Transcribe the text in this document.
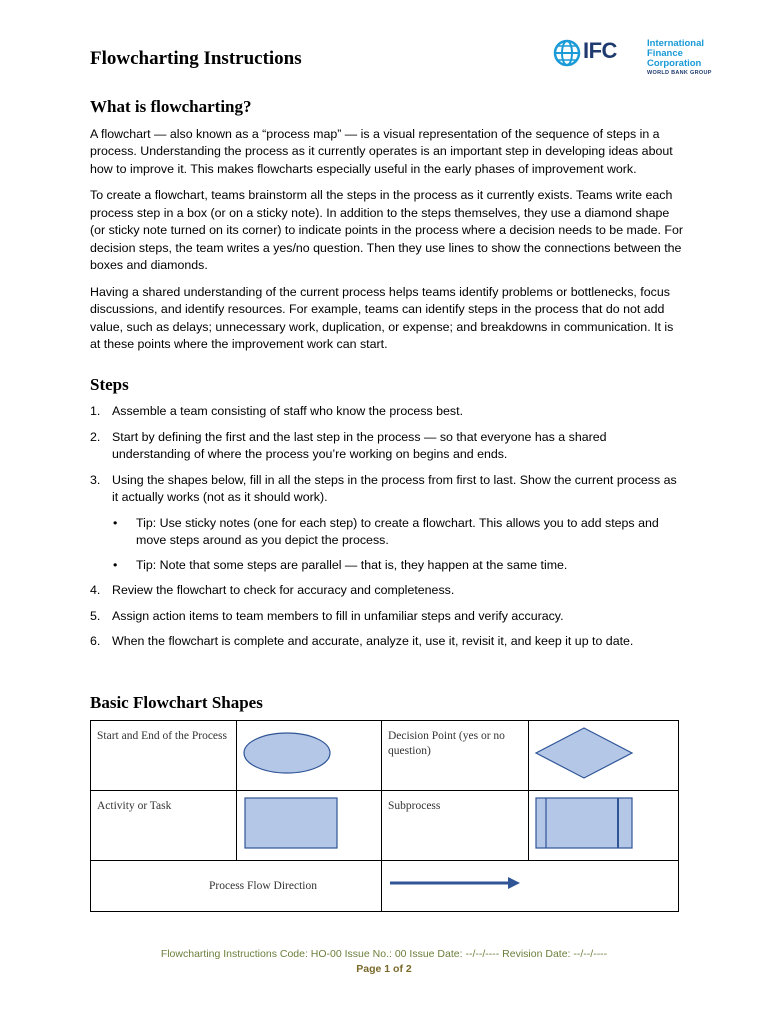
Flowcharting Instructions	IFC	International
Finance Corporation
WORLD BANK GROUP
What is flowcharting?

A flowchart — also known as a “process map” — is a visual representation of the sequence of steps in a process. Understanding the process as it currently operates is an important step in developing ideas about how to improve it. This makes flowcharts especially useful in the early phases of improvement work.

To create a flowchart, teams brainstorm all the steps in the process as it currently exists. Teams write each process step in a box (or on a sticky note). In addition to the steps themselves, they use a diamond shape (or sticky note turned on its corner) to indicate points in the process where a decision needs to be made. For decision steps, the team writes a yes/no question. Then they use lines to show the connections between the boxes and diamonds.

Having a shared understanding of the current process helps teams identify problems or bottlenecks, focus discussions, and identify resources. For example, teams can identify steps in the process that do not add value, such as delays; unnecessary work, duplication, or expense; and breakdowns in communication. It is at these points where the improvement work can start.

Steps
1. Assemble a team consisting of staff who know the process best.
2. Start by defining the first and the last step in the process — so that everyone has a shared understanding of where the process you’re working on begins and ends.
3. Using the shapes below, fill in all the steps in the process from first to last. Show the current process as it actually works (not as it should work).
• Tip: Use sticky notes (one for each step) to create a flowchart. This allows you to add steps and move steps around as you depict the process.
• Tip: Note that some steps are parallel — that is, they happen at the same time.
4. Review the flowchart to check for accuracy and completeness.
5. Assign action items to team members to fill in unfamiliar steps and verify accuracy.
6. When the flowchart is complete and accurate, analyze it, use it, revisit it, and keep it up to date.
Basic Flowchart Shapes
Start and End of the Process		Decision Point (yes or no question)	
Activity or Task		Subprocess	
Process Flow Direction	
Flowcharting Instructions Code: HO-00 Issue No.: 00 Issue Date: --/--/---- Revision Date: --/--/----
Page 1 of 2
